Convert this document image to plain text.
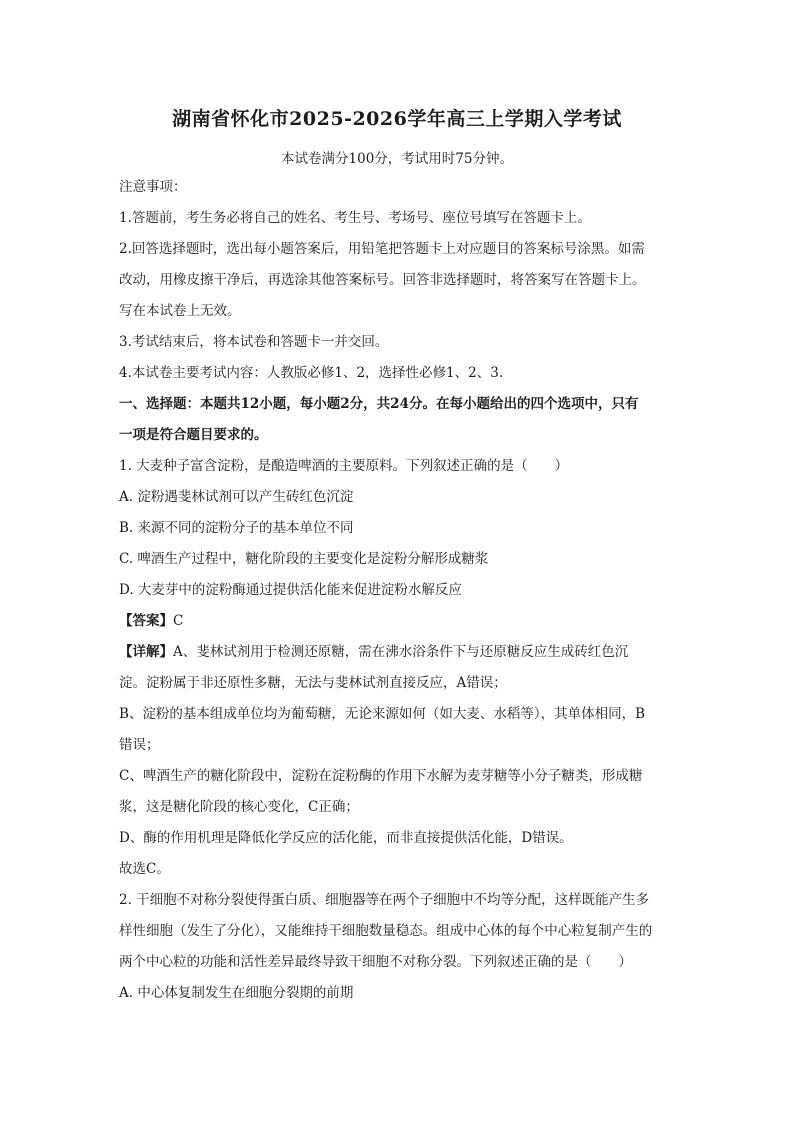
湖南省怀化市2025-2026学年高三上学期入学考试
本试卷满分100分，考试用时75分钟。
注意事项：
1.答题前，考生务必将自己的姓名、考生号、考场号、座位号填写在答题卡上。
2.回答选择题时，选出每小题答案后，用铅笔把答题卡上对应题目的答案标号涂黑。如需
改动，用橡皮擦干净后，再选涂其他答案标号。回答非选择题时，将答案写在答题卡上。
写在本试卷上无效。
3.考试结束后，将本试卷和答题卡一并交回。
4.本试卷主要考试内容：人教版必修1、2，选择性必修1、2、3.
一、选择题：本题共12小题，每小题2分，共24分。在每小题给出的四个选项中，只有
一项是符合题目要求的。
1. 大麦种子富含淀粉，是酿造啤酒的主要原料。下列叙述正确的是（　　）
A. 淀粉遇斐林试剂可以产生砖红色沉淀
B. 来源不同的淀粉分子的基本单位不同
C. 啤酒生产过程中，糖化阶段的主要变化是淀粉分解形成糖浆
D. 大麦芽中的淀粉酶通过提供活化能来促进淀粉水解反应
【答案】C
【详解】A、斐林试剂用于检测还原糖，需在沸水浴条件下与还原糖反应生成砖红色沉
淀。淀粉属于非还原性多糖，无法与斐林试剂直接反应，A错误；
B、淀粉的基本组成单位均为葡萄糖，无论来源如何（如大麦、水稻等），其单体相同，B
错误；
C、啤酒生产的糖化阶段中，淀粉在淀粉酶的作用下水解为麦芽糖等小分子糖类，形成糖
浆，这是糖化阶段的核心变化，C正确；
D、酶的作用机理是降低化学反应的活化能，而非直接提供活化能，D错误。
故选C。
2. 干细胞不对称分裂使得蛋白质、细胞器等在两个子细胞中不均等分配，这样既能产生多
样性细胞（发生了分化），又能维持干细胞数量稳态。组成中心体的每个中心粒复制产生的
两个中心粒的功能和活性差异最终导致干细胞不对称分裂。下列叙述正确的是（　　）
A. 中心体复制发生在细胞分裂期的前期
